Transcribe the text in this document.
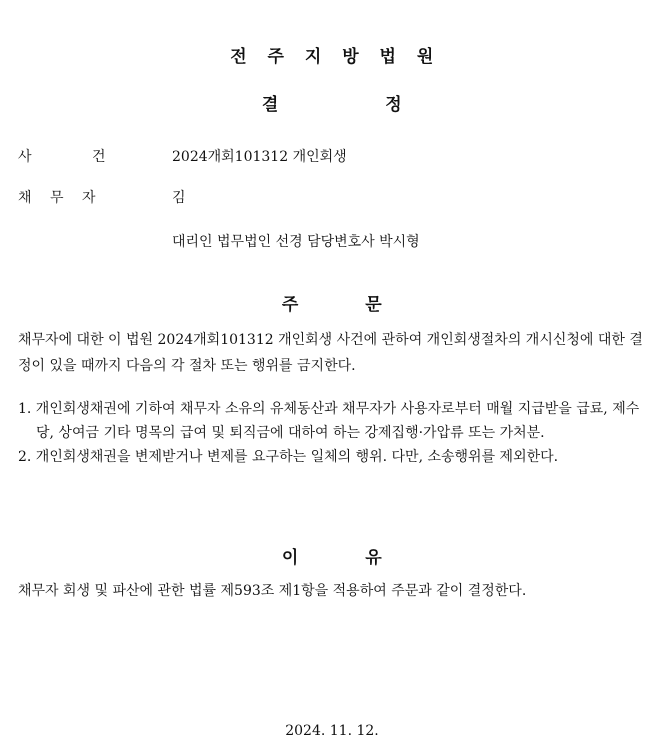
전 주 지 방 법 원
결 정
사 건	2024개회101312 개인회생
채 무 자	김
대리인 법무법인 선경 담당변호사 박시형
주 문
채무자에 대한 이 법원 2024개회101312 개인회생 사건에 관하여 개인회생절차의 개시신청에 대한 결정이 있을 때까지 다음의 각 절차 또는 행위를 금지한다.
1. 개인회생채권에 기하여 채무자 소유의 유체동산과 채무자가 사용자로부터 매월 지급받을 급료, 제수당, 상여금 기타 명목의 급여 및 퇴직금에 대하여 하는 강제집행·가압류 또는 가처분.
2. 개인회생채권을 변제받거나 변제를 요구하는 일체의 행위. 다만, 소송행위를 제외한다.
이 유
채무자 회생 및 파산에 관한 법률 제593조 제1항을 적용하여 주문과 같이 결정한다.
2024. 11. 12.
